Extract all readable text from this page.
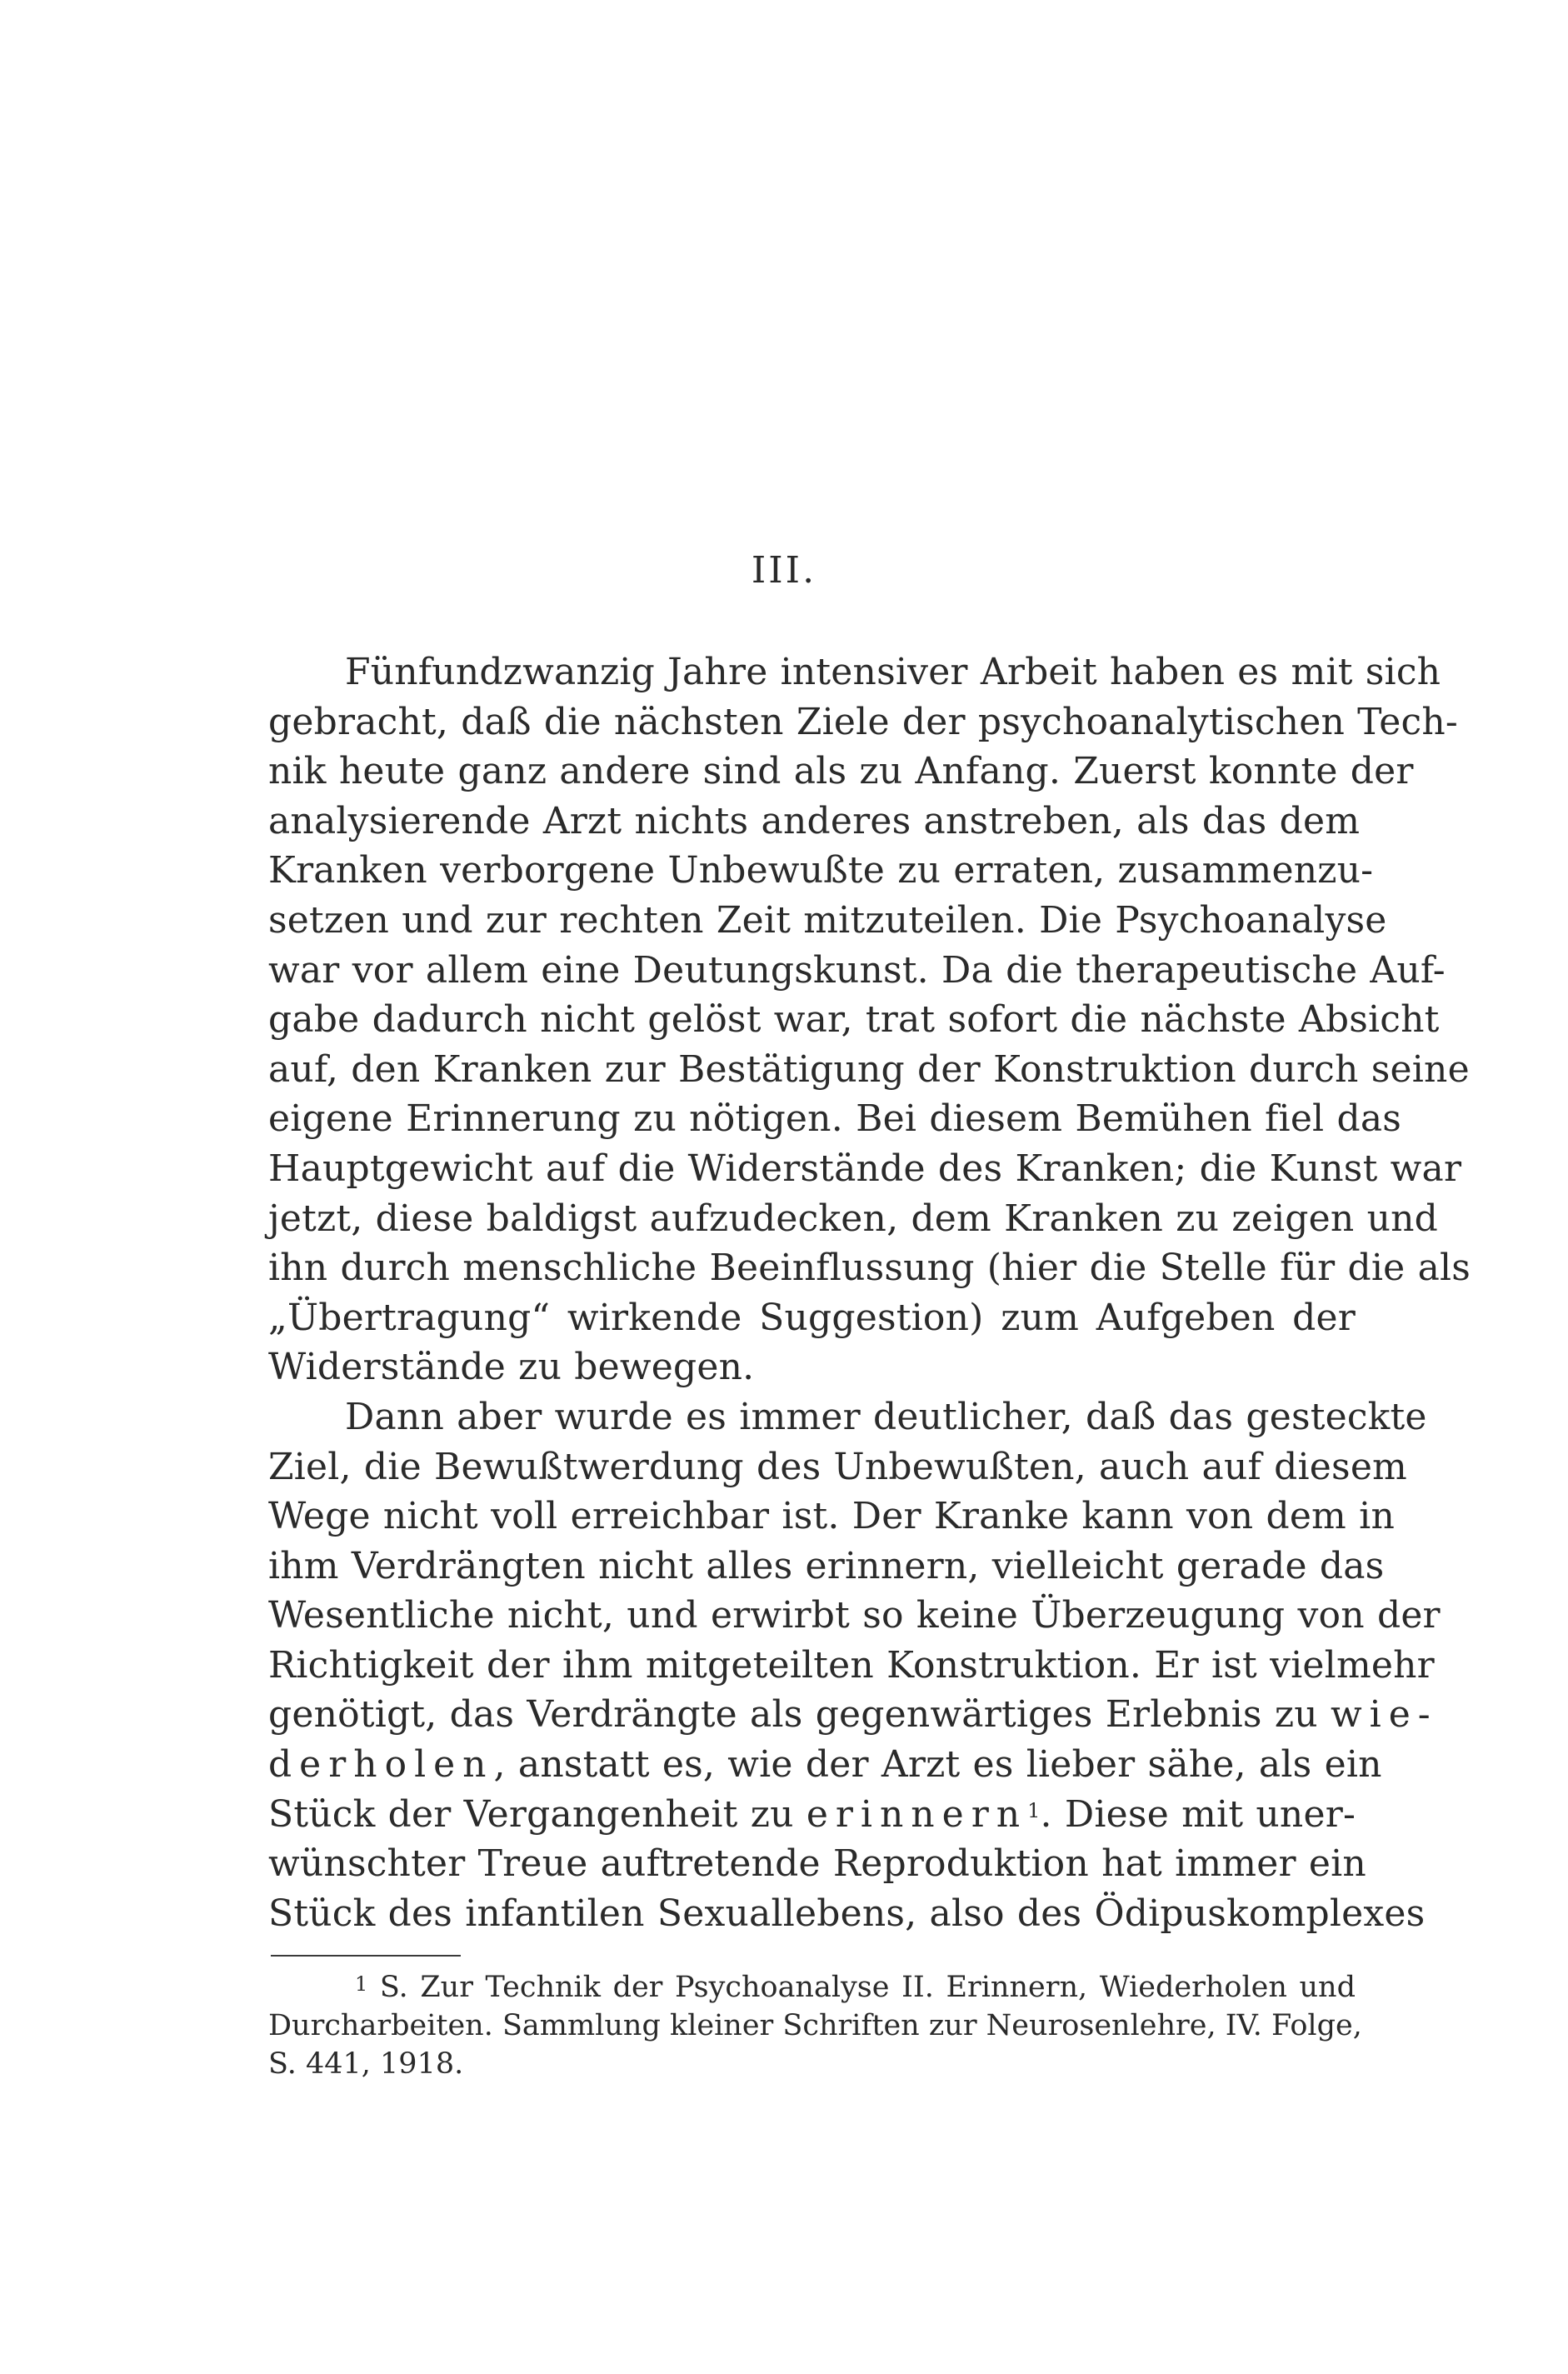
III.
Fünfundzwanzig Jahre intensiver Arbeit haben es mit sich
gebracht, daß die nächsten Ziele der psychoanalytischen Tech-
nik heute ganz andere sind als zu Anfang. Zuerst konnte der
analysierende Arzt nichts anderes anstreben, als das dem
Kranken verborgene Unbewußte zu erraten, zusammenzu-
setzen und zur rechten Zeit mitzuteilen. Die Psychoanalyse
war vor allem eine Deutungskunst. Da die therapeutische Auf-
gabe dadurch nicht gelöst war, trat sofort die nächste Absicht
auf, den Kranken zur Bestätigung der Konstruktion durch seine
eigene Erinnerung zu nötigen. Bei diesem Bemühen fiel das
Hauptgewicht auf die Widerstände des Kranken; die Kunst war
jetzt, diese baldigst aufzudecken, dem Kranken zu zeigen und
ihn durch menschliche Beeinflussung (hier die Stelle für die als
„Übertragung“ wirkende Suggestion) zum Aufgeben der
Widerstände zu bewegen.
Dann aber wurde es immer deutlicher, daß das gesteckte
Ziel, die Bewußtwerdung des Unbewußten, auch auf diesem
Wege nicht voll erreichbar ist. Der Kranke kann von dem in
ihm Verdrängten nicht alles erinnern, vielleicht gerade das
Wesentliche nicht, und erwirbt so keine Überzeugung von der
Richtigkeit der ihm mitgeteilten Konstruktion. Er ist vielmehr
genötigt, das Verdrängte als gegenwärtiges Erlebnis zu wie-
derholen, anstatt es, wie der Arzt es lieber sähe, als ein
Stück der Vergangenheit zu erinnern$^1$. Diese mit uner-
wünschter Treue auftretende Reproduktion hat immer ein
Stück des infantilen Sexuallebens, also des Ödipuskomplexes
$^1$ S. Zur Technik der Psychoanalyse II. Erinnern, Wiederholen und
Durcharbeiten. Sammlung kleiner Schriften zur Neurosenlehre, IV. Folge,
S. 441, 1918.
